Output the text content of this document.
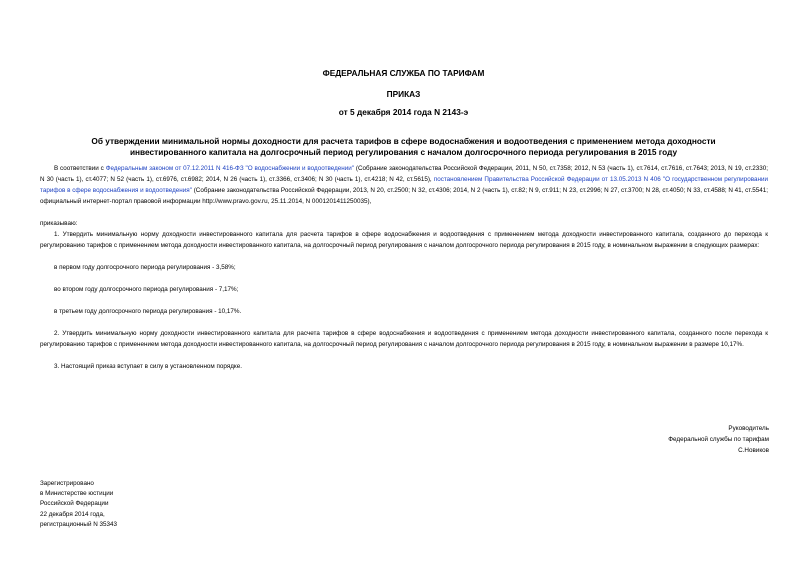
ФЕДЕРАЛЬНАЯ СЛУЖБА ПО ТАРИФАМ
ПРИКАЗ
от 5 декабря 2014 года N 2143-э
Об утверждении минимальной нормы доходности для расчета тарифов в сфере водоснабжения и водоотведения с применением метода доходности
инвестированного капитала на долгосрочный период регулирования с началом долгосрочного периода регулирования в 2015 году

В соответствии с Федеральным законом от 07.12.2011 N 416-ФЗ "О водоснабжении и водоотведении" (Собрание законодательства Российской Федерации, 2011, N 50, ст.7358; 2012, N 53 (часть 1), ст.7614, ст.7616, ст.7643; 2013, N 19, ст.2330; N 30 (часть 1), ст.4077; N 52 (часть 1), ст.6976, ст.6982; 2014, N 26 (часть 1), ст.3366, ст.3406; N 30 (часть 1), ст.4218; N 42, ст.5615), постановлением Правительства Российской Федерации от 13.05.2013 N 406 "О государственном регулировании тарифов в сфере водоснабжения и водоотведения" (Собрание законодательства Российской Федерации, 2013, N 20, ст.2500; N 32, ст.4306; 2014, N 2 (часть 1), ст.82; N 9, ст.911; N 23, ст.2996; N 27, ст.3700; N 28, ст.4050; N 33, ст.4588; N 41, ст.5541; официальный интернет-портал правовой информации http://www.pravo.gov.ru, 25.11.2014, N 0001201411250035),

приказываю:

1. Утвердить минимальную норму доходности инвестированного капитала для расчета тарифов в сфере водоснабжения и водоотведения с применением метода доходности инвестированного капитала, созданного до перехода к регулированию тарифов с применением метода доходности инвестированного капитала, на долгосрочный период регулирования с началом долгосрочного периода регулирования в 2015 году, в номинальном выражении в следующих размерах:

в первом году долгосрочного периода регулирования - 3,58%;

во втором году долгосрочного периода регулирования - 7,17%;

в третьем году долгосрочного периода регулирования - 10,17%.

2. Утвердить минимальную норму доходности инвестированного капитала для расчета тарифов в сфере водоснабжения и водоотведения с применением метода доходности инвестированного капитала, созданного после перехода к регулированию тарифов с применением метода доходности инвестированного капитала, на долгосрочный период регулирования с началом долгосрочного периода регулирования в 2015 году, в номинальном выражении в размере 10,17%.

3. Настоящий приказ вступает в силу в установленном порядке.

Руководитель
Федеральной службы по тарифам
С.Новиков
Зарегистрировано
в Министерстве юстиции
Российской Федерации
22 декабря 2014 года,
регистрационный N 35343
